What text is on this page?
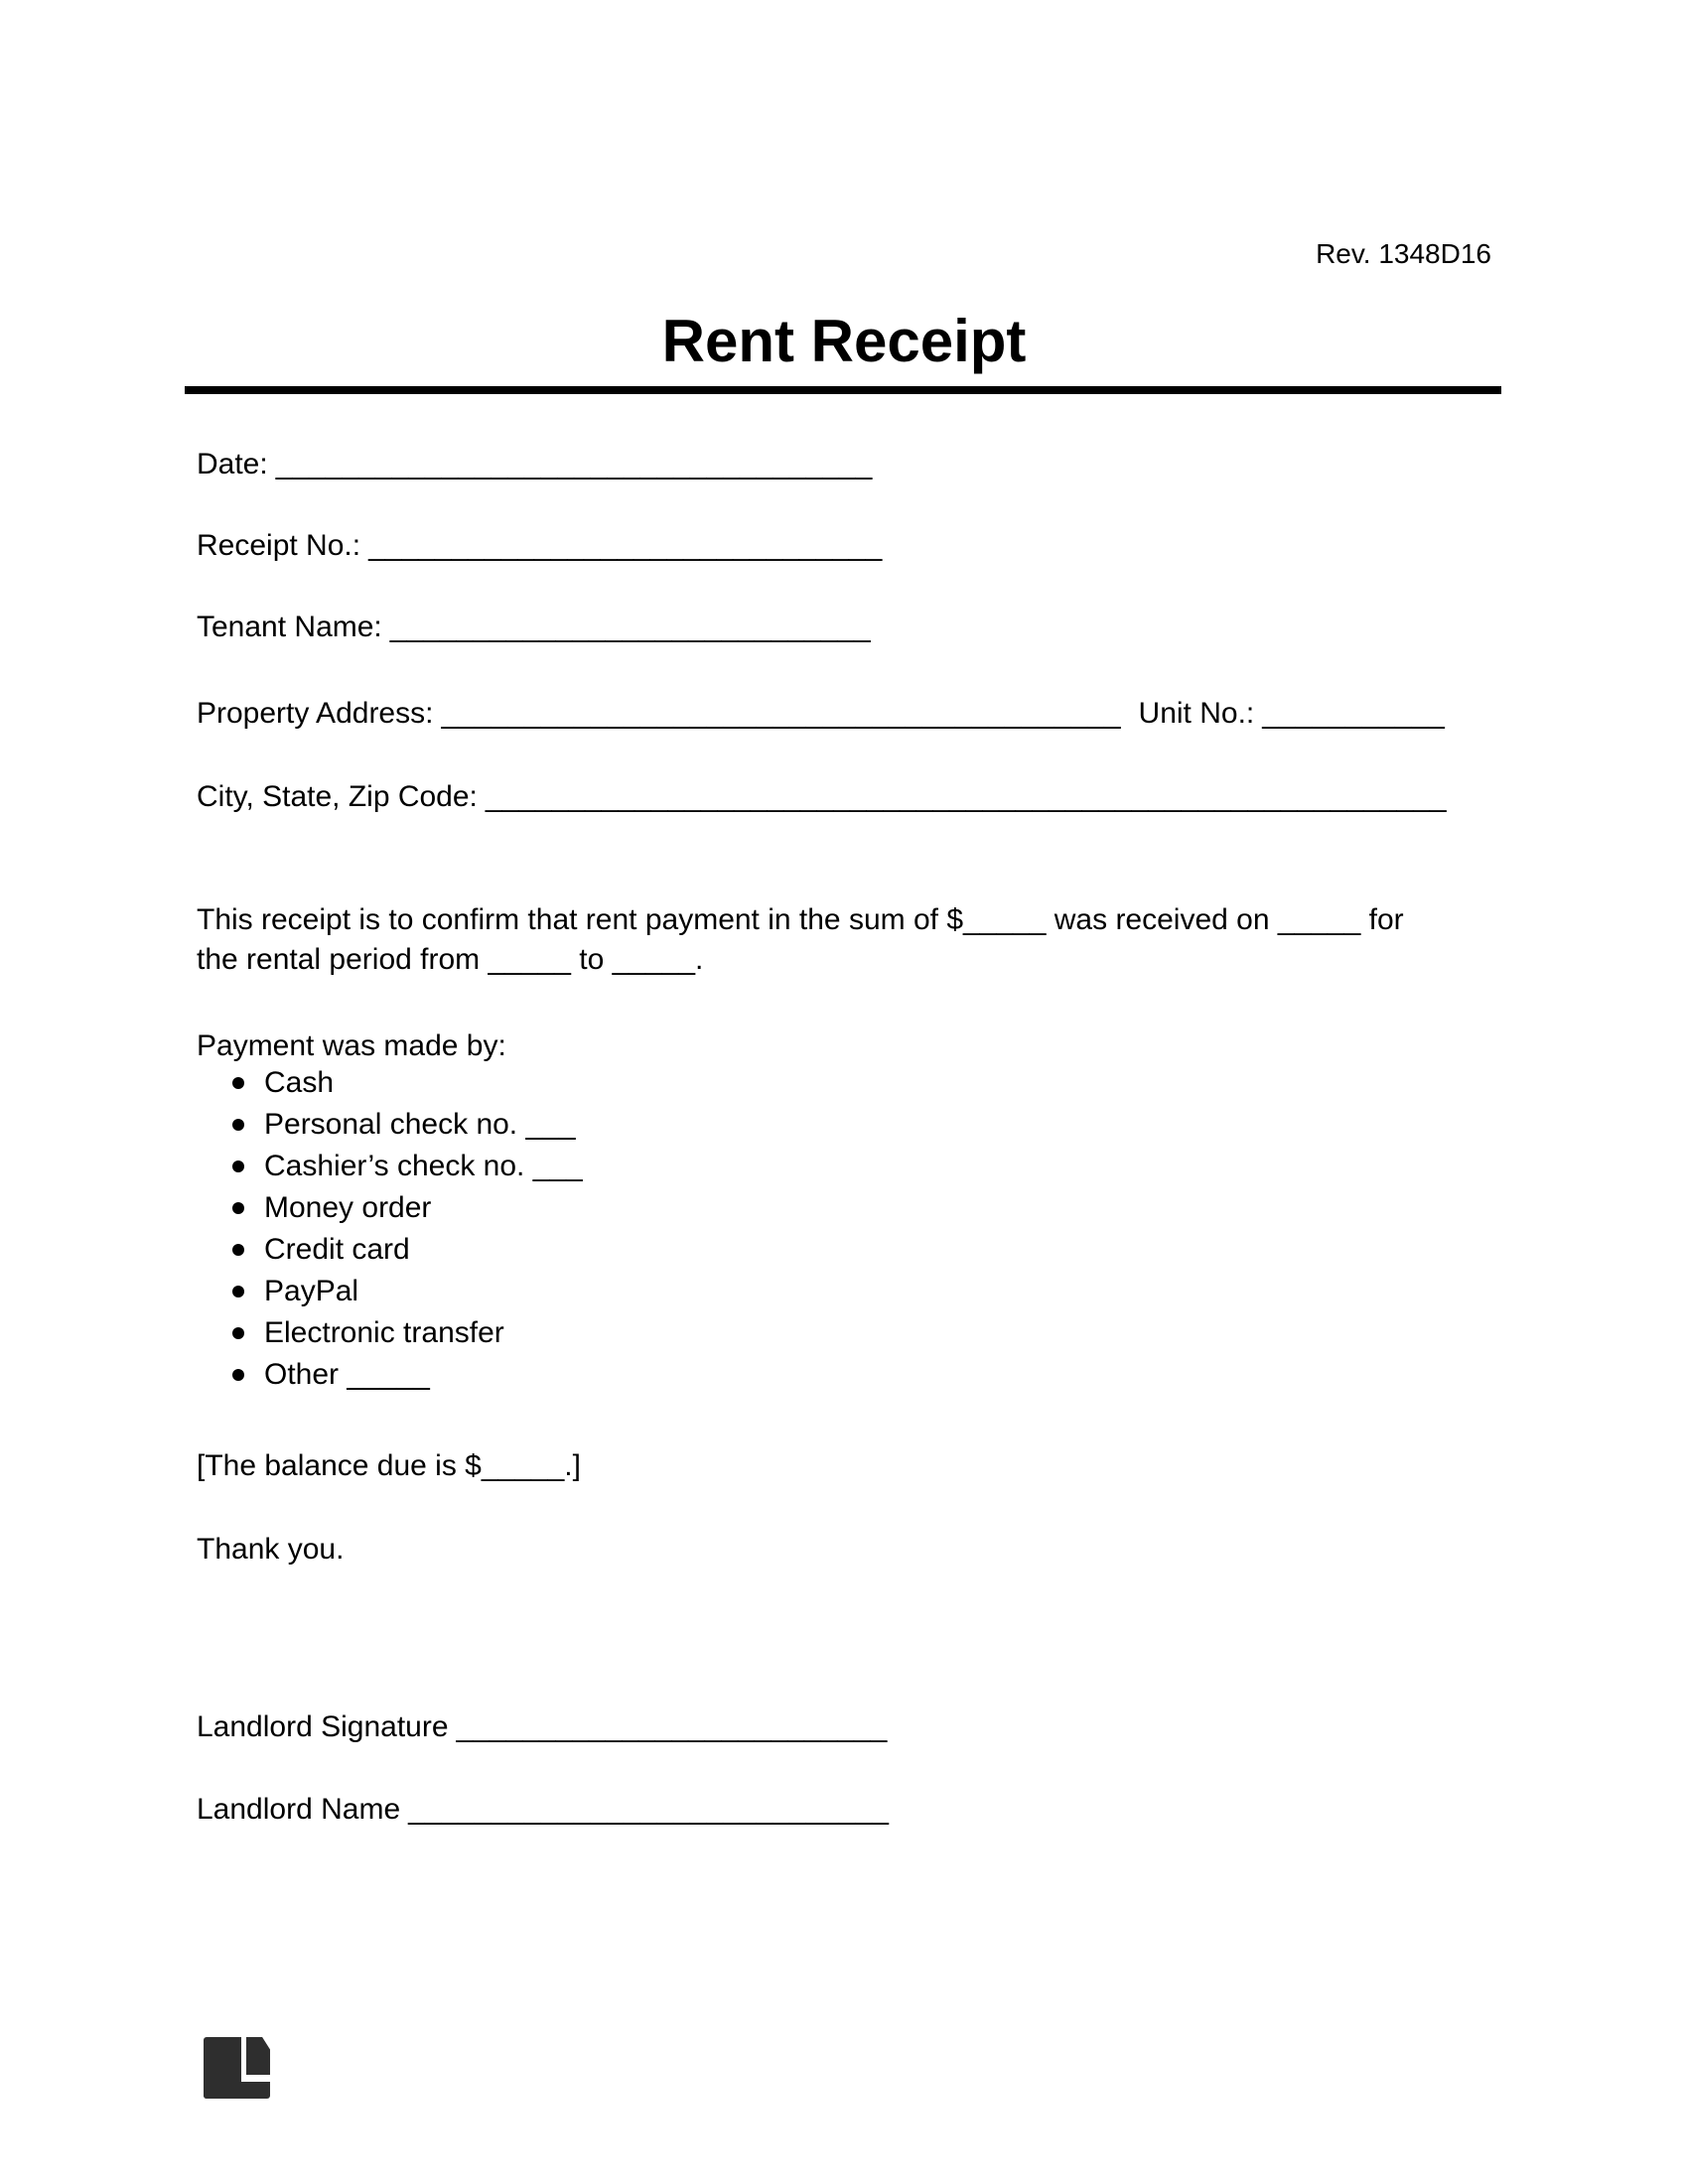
Rev. 1348D16
Rent Receipt
Date: ____________________________________
Receipt No.: _______________________________
Tenant Name: _____________________________
Property Address: _________________________________________ Unit No.: ___________
City, State, Zip Code: __________________________________________________________
This receipt is to confirm that rent payment in the sum of $_____ was received on _____ for
the rental period from _____ to _____.
Payment was made by:
Cash
Personal check no. ___
Cashier’s check no. ___
Money order
Credit card
PayPal
Electronic transfer
Other _____
[The balance due is $_____.]
Thank you.
Landlord Signature __________________________
Landlord Name _____________________________
